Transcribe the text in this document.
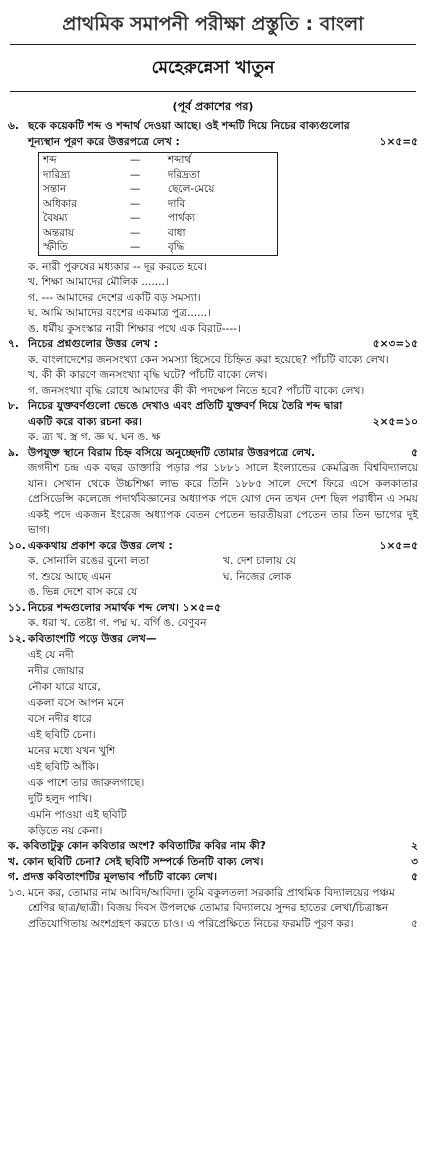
প্রাথমিক সমাপনী পরীক্ষা প্রস্তুতি : বাংলা
মেহেরুন্নেসা খাতুন
(পূর্ব প্রকাশের পর)
৬. ছকে কয়েকটি শব্দ ও শব্দার্থ দেওয়া আছে। ওই শব্দটি দিয়ে নিচের বাক্যগুলোর শূন্যস্থান পূরণ করে উত্তরপত্রে লেখ :	১×৫=৫
শব্দ	—	শব্দার্থ
দারিদ্র্য	—	দরিদ্রতা
সন্তান	—	ছেলে-মেয়ে
অধিকার	—	দাবি
বৈষম্য	—	পার্থক্য
অন্তরায়	—	বাধা
স্ফীতি	—	বৃদ্ধি
ক. নারী পুরুষের মধ্যকার -- দূর করতে হবে।
খ. শিক্ষা আমাদের মৌলিক .......।
গ. --- আমাদের দেশের একটি বড় সমস্যা।
ঘ. আমি আমাদের বংশের একমাত্র পুত্র......।
ঙ. ধর্মীয় কুসংস্কার নারী শিক্ষার পথে এক বিরাট----।
৭. নিচের প্রশ্নগুলোর উত্তর লেখ :	৫×৩=১৫
ক. বাংলাদেশের জনসংখ্যা কেন সমস্যা হিসেবে চিহ্নিত করা হয়েছে? পাঁচটি বাক্যে লেখ।
খ. কী কী কারণে জনসংখ্যা বৃদ্ধি ঘটে? পাঁচটি বাক্যে লেখ।
গ. জনসংখ্যা বৃদ্ধি রোধে আমাদের কী কী পদক্ষেপ নিতে হবে? পাঁচটি বাক্যে লেখ।
৮. নিচের যুক্তবর্ণগুলো ভেঙে দেখাও এবং প্রতিটি যুক্তবর্ণ দিয়ে তৈরি শব্দ দ্বারা একটি করে বাক্য রচনা কর।	২×৫=১০
ক. ত্র্য খ. স্ত্র গ. জ্ঞ ঘ. ঘন ঙ. ক্ষ
৯. উপযুক্ত স্থানে বিরাম চিহ্ন বসিয়ে অনুচ্ছেদটি তোমার উত্তরপত্রে লেখ.	৫
জগদীশ চন্দ্র এক বছর ডাক্তারি পড়ার পর ১৮৮১ সালে ইংল্যান্ডের কেমব্রিজ বিশ্ববিদ্যালয়ে যান। সেখান থেকে উচ্চশিক্ষা লাভ করে তিনি ১৮৮৫ সালে দেশে ফিরে এসে কলকাতার প্রেসিডেন্সি কলেজে পদার্থবিজ্ঞানের অধ্যাপক পদে যোগ দেন তখন দেশ ছিল পরাধীন এ সময় একই পদে একজন ইংরেজ অধ্যাপক বেতন পেতেন ভারতীয়রা পেতেন তার তিন ভাগের দুই ভাগ।
১০. এককথায় প্রকাশ করে উত্তর লেখ :	১×৫=৫
ক. সোনালি রঙের বুনো লতা	খ. দেশ চালায় যে
গ. শুয়ে আছে এমন	ঘ. নিজের লোক
ঙ. ভিন্ন দেশে বাস করে যে
১১. নিচের শব্দগুলোর সমার্থক শব্দ লেখ। ১×৫=৫
ক. ধরা খ. তেষ্টা গ. পদ্ম ঘ. বর্গি ঙ. বেণুবন
১২. কবিতাংশটি পড়ে উত্তর লেখ—
এই যে নদী
নদীর জোয়ার
নৌকা যারে যারে,
একলা বসে আপন মনে
বসে নদীর ধারে
এই ছবিটি চেনা।
মনের মধ্যে যখন খুশি
এই ছবিটি আঁকি।
এক পাশে তার জারুলগাছে।
দুটি হলুদ পাখি।
এমনি পাওয়া এই ছবিটি
কড়িতে নয় কেনা।
ক. কবিতাটুকু কোন কবিতার অংশ? কবিতাটির কবির নাম কী?	২
খ. কোন ছবিটি চেনা? সেই ছবিটি সম্পর্কে তিনটি বাক্য লেখ।	৩
গ. প্রদত্ত কবিতাংশটির মূলভাব পাঁচটি বাক্যে লেখ।	৫
১৩. মনে কর, তোমার নাম আবিদ/আবিদা। তুমি বকুলতলা সরকারি প্রাথমিক বিদ্যালয়ের পঞ্চম শ্রেণির ছাত্র/ছাত্রী। বিজয় দিবস উপলক্ষে তোমার বিদ্যালয়ে সুন্দর হাতের লেখা/চিত্রাঙ্কন প্রতিযোগিতায় অংশগ্রহণ করতে চাও। এ পরিপ্রেক্ষিতে নিচের ফরমটি পূরণ কর।	৫
